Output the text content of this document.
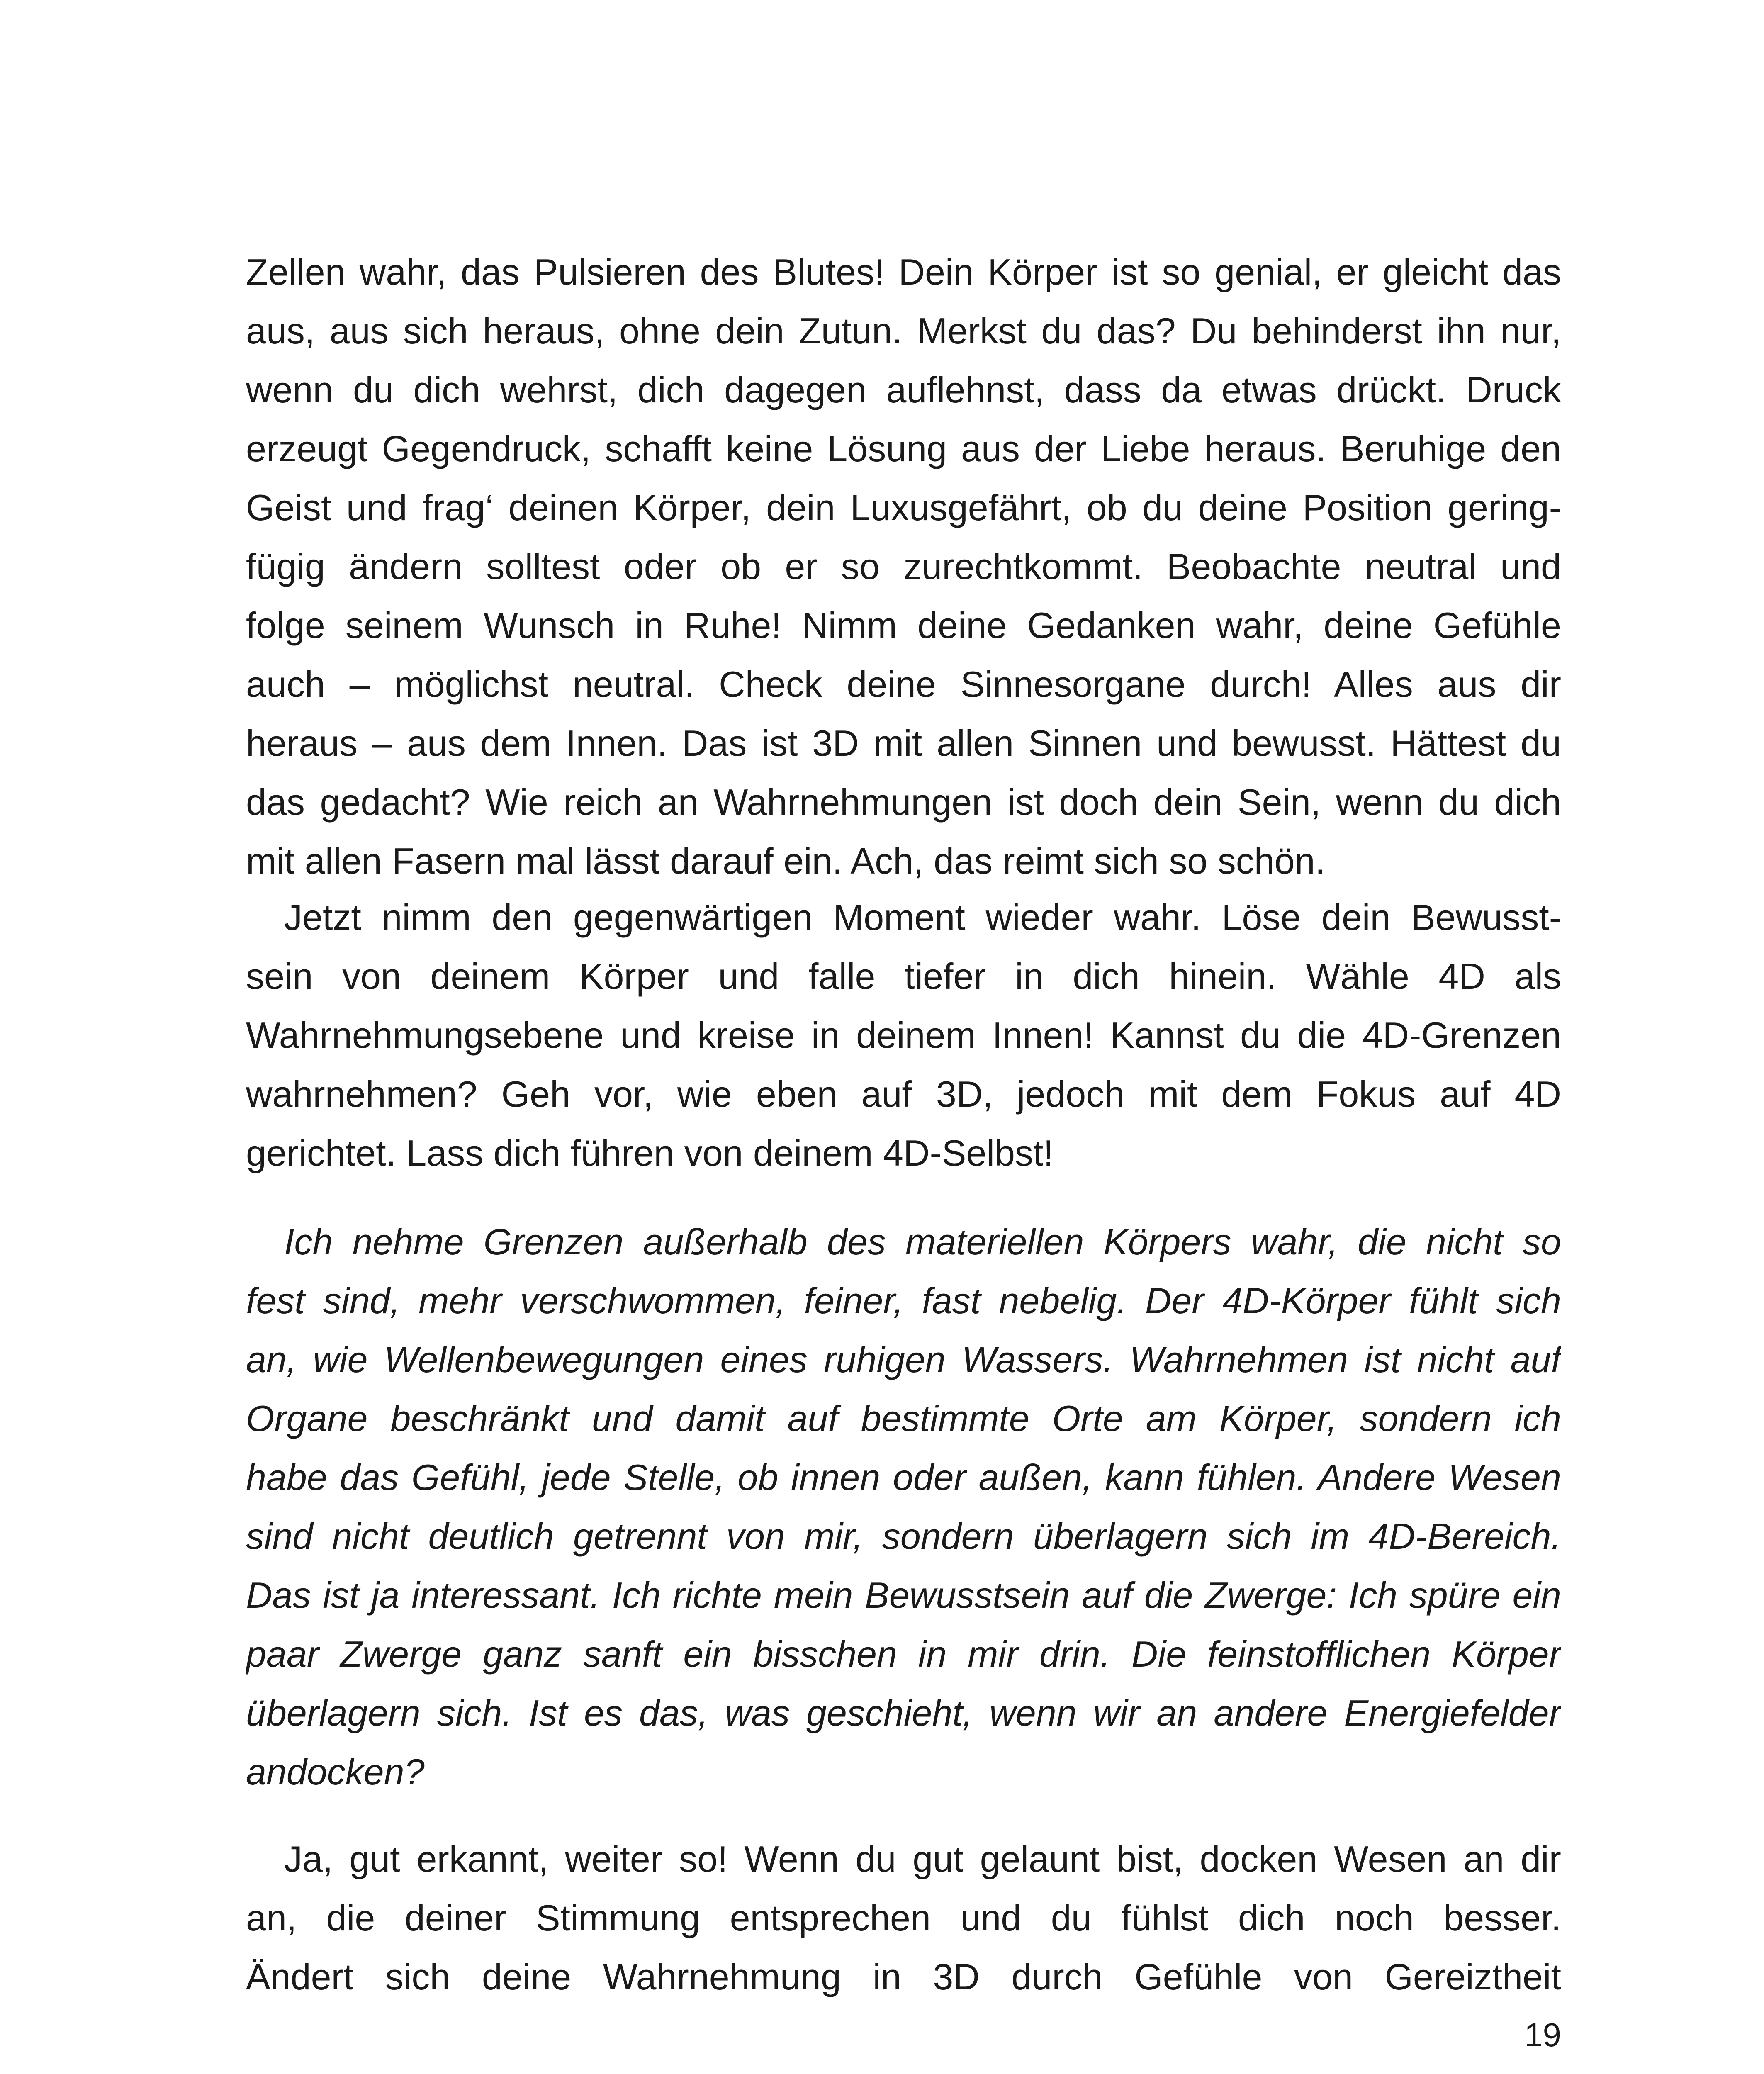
Zellen wahr, das Pulsieren des Blutes! Dein Körper ist so genial, er gleicht das
aus, aus sich heraus, ohne dein Zutun. Merkst du das? Du behinderst ihn nur,
wenn du dich wehrst, dich dagegen auflehnst, dass da etwas drückt. Druck
erzeugt Gegendruck, schafft keine Lösung aus der Liebe heraus. Beruhige den
Geist und frag‘ deinen Körper, dein Luxusgefährt, ob du deine Position gering-
fügig ändern solltest oder ob er so zurechtkommt. Beobachte neutral und
folge seinem Wunsch in Ruhe! Nimm deine Gedanken wahr, deine Gefühle
auch – möglichst neutral. Check deine Sinnesorgane durch! Alles aus dir
heraus – aus dem Innen. Das ist 3D mit allen Sinnen und bewusst. Hättest du
das gedacht? Wie reich an Wahrnehmungen ist doch dein Sein, wenn du dich
mit allen Fasern mal lässt darauf ein. Ach, das reimt sich so schön.
Jetzt nimm den gegenwärtigen Moment wieder wahr. Löse dein Bewusst-
sein von deinem Körper und falle tiefer in dich hinein. Wähle 4D als
Wahrnehmungsebene und kreise in deinem Innen! Kannst du die 4D-Grenzen
wahrnehmen? Geh vor, wie eben auf 3D, jedoch mit dem Fokus auf 4D
gerichtet. Lass dich führen von deinem 4D-Selbst!
Ich nehme Grenzen außerhalb des materiellen Körpers wahr, die nicht so
fest sind, mehr verschwommen, feiner, fast nebelig. Der 4D-Körper fühlt sich
an, wie Wellenbewegungen eines ruhigen Wassers. Wahrnehmen ist nicht auf
Organe beschränkt und damit auf bestimmte Orte am Körper, sondern ich
habe das Gefühl, jede Stelle, ob innen oder außen, kann fühlen. Andere Wesen
sind nicht deutlich getrennt von mir, sondern überlagern sich im 4D-Bereich.
Das ist ja interessant. Ich richte mein Bewusstsein auf die Zwerge: Ich spüre ein
paar Zwerge ganz sanft ein bisschen in mir drin. Die feinstofflichen Körper
überlagern sich. Ist es das, was geschieht, wenn wir an andere Energiefelder
andocken?
Ja, gut erkannt, weiter so! Wenn du gut gelaunt bist, docken Wesen an dir
an, die deiner Stimmung entsprechen und du fühlst dich noch besser.
Ändert sich deine Wahrnehmung in 3D durch Gefühle von Gereiztheit
19
